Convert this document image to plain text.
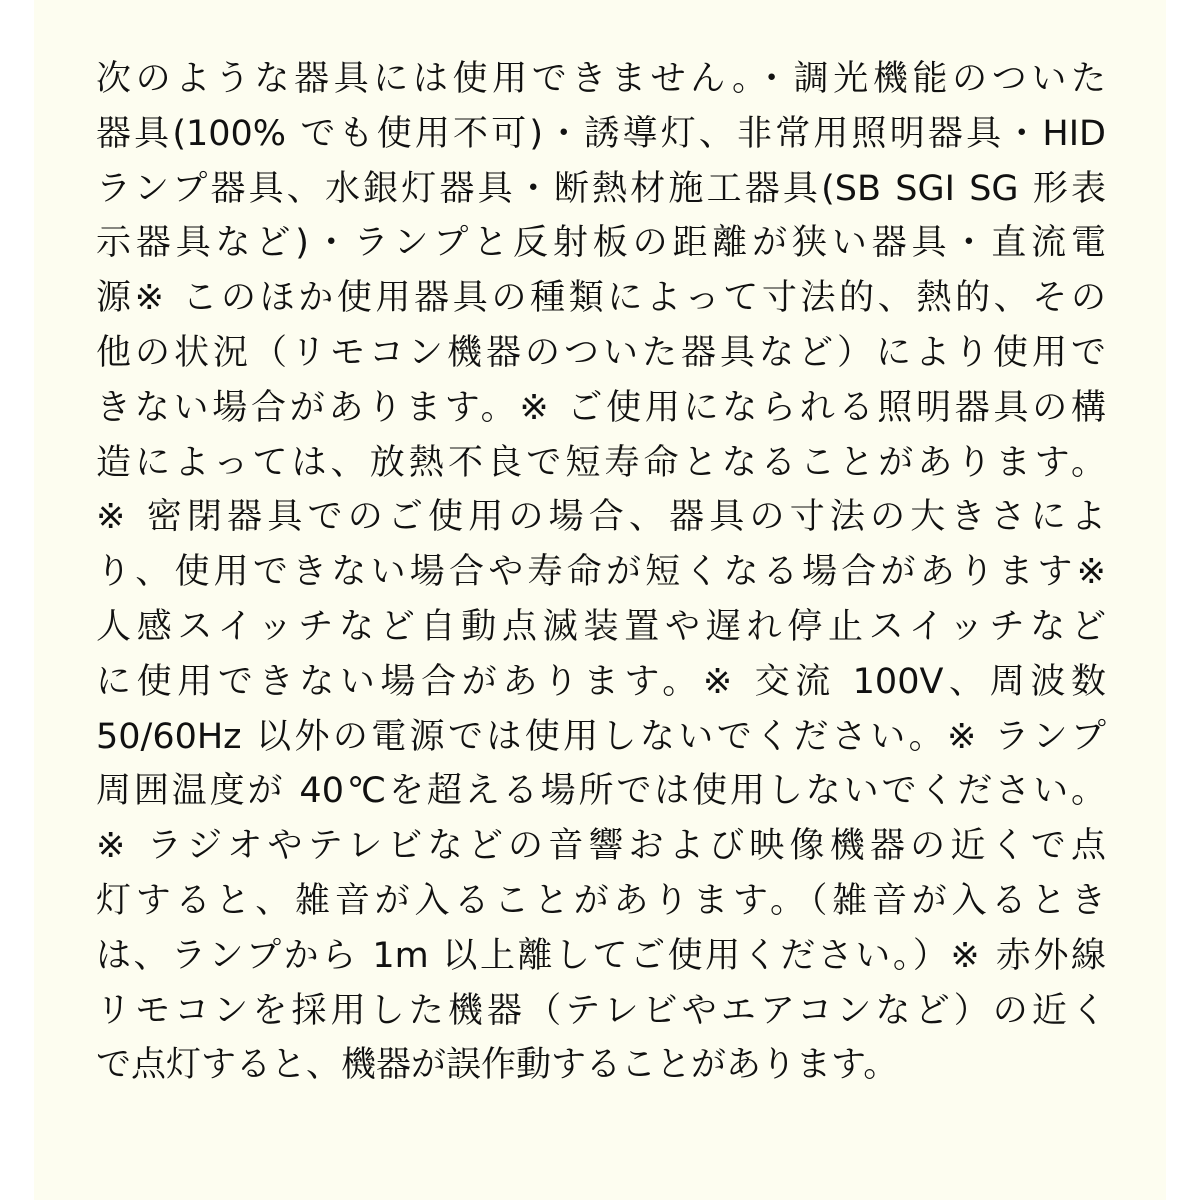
次のような器具には使用できません。・調光機能のついた
器具(100% でも使用不可)・誘導灯、非常用照明器具・HID
ランプ器具、水銀灯器具・断熱材施工器具(SB SGI SG 形表
示器具など)・ランプと反射板の距離が狭い器具・直流電
源※ このほか使用器具の種類によって寸法的、熱的、その
他の状況（リモコン機器のついた器具など）により使用で
きない場合があります。※ ご使用になられる照明器具の構
造によっては、放熱不良で短寿命となることがあります。
※ 密閉器具でのご使用の場合、器具の寸法の大きさによ
り、使用できない場合や寿命が短くなる場合があります※
人感スイッチなど自動点滅装置や遅れ停止スイッチなど
に使用できない場合があります。※ 交流 100V、周波数
50/60Hz 以外の電源では使用しないでください。※ ランプ
周囲温度が 40℃を超える場所では使用しないでください。
※ ラジオやテレビなどの音響および映像機器の近くで点
灯すると、雑音が入ることがあります。（雑音が入るとき
は、ランプから 1m 以上離してご使用ください。）※ 赤外線
リモコンを採用した機器（テレビやエアコンなど）の近く
で点灯すると、機器が誤作動することがあります。
